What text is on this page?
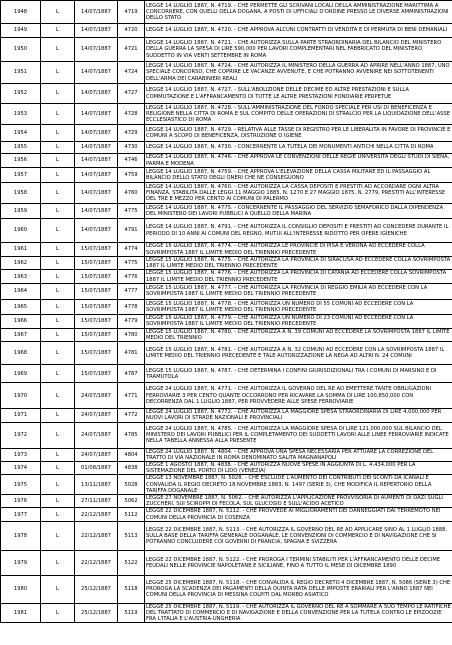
1948	L	14/07/1887	4719	LEGGE 14 LUGLIO 1887, N. 4719. - CHE PERMETTE GLI SCRIVANI LOCALI DELLA AMMINISTRAZIONE MARITTIMA A CONCORRERE, CON QUELLI DELLA DOGANA, A POSTI DI UFFICIALI D'ORDINE PRESSO LE DIVERSE AMMINISTRAZIONI DELLO STATO
1949	L	14/07/1887	4720	LEGGE 14 LUGLIO 1887, N. 4720. - CHE APPROVA ALCUNI CONTRATTI DI VENDITA E DI PERMUTA DI BENI DEMANIALI
1950	L	14/07/1887	4721	LEGGE 14 LUGLIO 1887, N. 4721. - CHE AUTORIZZA SULLA PARTE STRAORDINARIA DEL BILANCIO DEL MINISTERO DELLA GUERRA LA SPESA DI LIRE 590,000 PER LAVORI COMPLEMENTARI NEL FABBRICATO DEL MINISTERO SUDDETTO IN VIA VENTI SETTEMBRE IN ROMA
1951	L	14/07/1887	4724	LEGGE 14 LUGLIO 1887, N. 4724. - CHE AUTORIZZA IL MINISTERO DELLA GUERRA AD APRIRE NELL'ANNO 1887, UNO SPECIALE CONCORSO, CHE COPRIRE LE VACANZE AVVENUTE, E CHE POTRANNO AVVENIRE NEI SOTTOTENENTI DELL'ARMA DEI CARABINIERI REALI
1952	L	14/07/1887	4727	LEGGE 14 LUGLIO 1887, N. 4727. - SULL'ABOLIZIONE DELLE DECIME ED ALTRE PRESTAZIONI E SULLA COMMUTAZIONE E L'AFFRANCAMENTO DI TUTTE LE ALTRE PRESTAZIONI FONDIARIE PERPETUE
1953	L	14/07/1887	4728	LEGGE 14 LUGLIO 1887, N. 4728. - SULL'AMMINISTRAZIONE DEL FONDO SPECIALE PER USI DI BENEFICENZA E RELIGIONE NELLA CITTA DI ROMA E SUL COMPITO DELLE OPERAZIONI DI STRALCIO PER LA LIQUIDAZIONE DELL'ASSE ECCLESIASTICO DI ROMA
1954	L	14/07/1887	4729	LEGGE 14 LUGLIO 1887, N. 4729. - RELATIVA ALLE TASSE DI REGISTRO PER LE LIBERALITA IN FAVORE DI PROVINCIE E COMUNI A SCOPO DI BENEFICENZA, DISTRUZIONE O IGIENE
1955	L	14/07/1887	4730	LEGGE 14 LUGLIO 1887, N. 4730. - CONCERNENTE LA TUTELA DEI MONUMENTI ANTICHI NELLA CITTA DI ROMA
1956	L	14/07/1887	4746	LEGGE 14 LUGLIO 1887, N. 4746. - CHE APPROVA LE CONVENZIONI DELLE REGIE UNIVERSITA DEGLI STUDI DI SIENA, PARMA E MODENA
1957	L	14/07/1887	4759	LEGGE 14 LUGLIO 1887, N. 4759. - CHE APPROVA L'ELEVAZIONE DELLA CASSA MILITARE ED IL PASSAGGIO AL BILANCIO DELLO STATO DEGLI ONERI CHE NE CONSEGUONO
1958	L	14/07/1887	4760	LEGGE 14 LUGLIO 1887, N. 4760. - CHE AUTORIZZA LA CASSA DEPOSITI E PRESTITI AD ACCORDARE OGNI ALTRA FINANZA, STABILITA DALLE LEGGI 11 MAGGIO 1885, N. 1270 E 27 MAGGIO 1875, N. 2779, PRESTITI ALL'INTERESSE DEL TRE E MEZZO PER CENTO AI COMUNI DI PALERMO
1959	L	14/07/1887	4775	LEGGE 14 LUGLIO 1887, N. 4775. - CONCERNENTE IL PASSAGGIO DEL SERVIZIO SEMAFORICO DALLA DIPENDENZA DEL MINISTERO DEI LAVORI PUBBLICI A QUELLO DELLA MARINA
1960	L	14/07/1887	4791	LEGGE 14 LUGLIO 1887, N. 4791. - CHE AUTORIZZA IL CONSIGLIO DEPOSITI E PRESTITI AD CONCEDERE DURANTE IL PERIODO DI 10 ANNI AI COMUNI DEL REGNO, MUTUI ALL'INTERESSE RIDOTTO PER OPERE IGIENICHE
1961	L	15/07/1887	4774	LEGGE 15 LUGLIO 1887, N. 4774. - CHE AUTORIZZA LE PROVINCIE DI PISA E VERONA AD ECCEDERE COLLA SOVRIMPOSTA 1887 IL LIMITE MEDIO DEL TRIENNIO PRECEDENTE
1962	L	15/07/1887	4775	LEGGE 15 LUGLIO 1887, N. 4775. - CHE AUTORIZZA LA PROVINCIA DI SIRACUSA AD ECCEDERE COLLA SOVRIMPOSTA 1887 IL LIMITE MEDIO DEL TRIENNIO PRECEDENTE
1963	L	15/07/1887	4776	LEGGE 15 LUGLIO 1887, N. 4776. - CHE AUTORIZZA LA PROVINCIA DI CATANIA AD ECCEDERE COLLA SOVRIMPOSTA 1887 IL LIMITE MEDIO DEL TRIENNIO PRECEDENTE
1964	L	15/07/1887	4777	LEGGE 15 LUGLIO 1887, N. 4777. - CHE AUTORIZZA LA PROVINCIA DI REGGIO EMILIA AD ECCEDERE CON LA SOVRIMPOSTA 1887 IL LIMITE MEDIO DEL TRIENNIO PRECEDENTE
1965	L	15/07/1887	4778	LEGGE 15 LUGLIO 1887, N. 4778. - CHE AUTORIZZA UN NUMERO DI 55 COMUNI AD ECCEDERE CON LA SOVRIMPOSTA 1887 IL LIMITE MEDIO DEL TRIENNIO PRECEDENTE
1966	L	15/07/1887	4779	LEGGE 15 LUGLIO 1887, N. 4779. - CHE AUTORIZZA UN NUMERO DI 23 COMUNI AD ECCEDERE CON LA SOVRIMPOSTA 1887 IL LIMITE MEDIO DEL TRIENNIO PRECEDENTE
1967	L	15/07/1887	4780	LEGGE 15 LUGLIO 1887, N. 4780. - CHE AUTORIZZA A N. 39 COMUNI AD ECCEDERE LA SOVRIMPOSTA 1887 IL LIMITE MEDIO DEL TRIENNIO
1968	L	15/07/1887	4781	LEGGE 15 LUGLIO 1887, N. 4781. - CHE AUTORIZZA A N. 32 COMUNI AD ECCEDERE CON LA SOVRIMPOSTA 1887 IL LIMITE MEDIO DEL TRIENNIO PRECEDENTE E TALE AUTORIZZAZIONE LA NEGA AD ALTRI N. 24 COMUNI
1969	L	15/07/1887	4787	LEGGE 15 LUGLIO 1887, N. 4787. - CHE DETERMINA I CONFINI GIURISDIZIONALI TRA I COMUNI DI MARSINO E DI TRAMUTOLA
1970	L	24/07/1887	4771	LEGGE 24 LUGLIO 1887, N. 4771. - CHE AUTORIZZA IL GOVERNO DEL RE AD EMETTERE TANTE OBBLIGAZIONI FERROVIARIE 3 PER CENTO QUANTE OCCORRONO PER RICAVARE LA SOMMA DI LIRE 100,850,000 CON DECORRENZA DAL 1 LUGLIO 1887, PER PROVVEDERE ALLE SPESE FERROVIARIE
1971	L	24/07/1887	4772	LEGGE 24 LUGLIO 1887, N. 4772. - CHE AUTORIZZA LA MAGGIORE SPESA STRAORDINARIA DI LIRE 4,000,000 PER NUOVI LAVORI DI STRADE NAZIONALI E PROVINCIALI
1972	L	24/07/1887	4785	LEGGE 24 LUGLIO 1887, N. 4785. - CHE AUTORIZZA LA MAGGIORE SPESA DI LIRE 121,000,000 SUL BILANCIO DEL MINISTERO DEI LAVORI PUBBLICI PER IL COMPLETAMENTO DEI SUDDETTI LAVORI ALLE LINEE FERROVIARIE INDICATE NELLA TABELLA ANNESSA ALLA PRESENTE
1973	L	24/07/1887	4804	LEGGE 24 LUGLIO 1887, N. 4804. - CHE APPROVA UNA SPESA NECESSARIA PER ATTUARE LA CORREZIONE DEL TRATTO DI VIA NAZIONALE IN ROMA DENOMINATO SALITA MAGNANAPOLI
1974	L	01/08/1887	4838	LEGGE 1 AGOSTO 1887, N. 4838. - CHE AUTORIZZA NUOVE SPESE IN AGGIUNTA DI L. 4,434,000 PER LA SISTEMAZIONE DEL PORTO DI LIDO (VENEZIA)
1975	L	13/11/1887	5028	LEGGE 13 NOVEMBRE 1887, N. 5028. - CHE ESCLUDE L'AUMENTO DEI CONTRIBUTI DEI SCONTI DA ICANALI E CONVALIDA IL REGIO DECRETO 18 NOVEMBRE 1883, N. 1497 (SERIE 3), CHE MODIFICA IL REPERTORIO DELLA TARIFFA DOGANALE
1976	L	27/11/1887	5062	LEGGE 27 NOVEMBRE 1887, N. 5062. - CHE AUTORIZZA L'APPLICAZIONE PROVVISORIA DI AUMENTI DI DAZI SUGLI ZUCCHERI, SUI SCIROPPI DI FECOLA, SUL GLUCOSIO E SULL'ACIDO ACETICO
1977	L	22/12/1887	5112	LEGGE 22 DICEMBRE 1887, N. 5112. - CHE PROVVEDE AI MIGLIORAMENTI DEI DANNEGGIATI DAI TERREMOTO NEI COMUNI DELLA PROVINCIA DI COSENZA
1978	L	22/12/1887	5113	LEGGE 22 DICEMBRE 1887, N. 5113. - CHE AUTORIZZA IL GOVERNO DEL RE AD APPLICARE SINO AL 1 LUGLIO 1888, SULLA BASE DELLA TARIFFA GENERALE DOGANALE, LE CONVENZIONI DI COMMERCIO E DI NAVIGAZIONE CHE SI POTRANNO CONCLUDERE COI GOVERNI DI FRANCIA, SPAGNA E SVIZZERA
1979	L	22/12/1887	5122	LEGGE 22 DICEMBRE 1887, N. 5122. - CHE PROROGA I TERMINI STABILITI PER L'AFFRANCAMENTO DELLE DECIME FEUDALI NELLE PROVINCIE NAPOLETANE E SICILIANE, FINO A TUTTO IL MESE DI DICEMBRE 1890
1980	L	25/12/1887	5118	LEGGE 25 DICEMBRE 1887, N. 5118. - CHE CONVALIDA IL REGIO DECRETO 4 DICEMBRE 1887, N. 5086 (SERIE 3) CHE PROROGA LA SCADENZA DEI PAGAMENTI DELLA QUINTA RATA DELLE IMPOSTE ERARIALI PER L'ANNO 1887 NEI COMUNI DELLA PROVINCIA DI MESSINA COLPITI DAL MORBO ASIATICO
1981	L	25/12/1887	5119	LEGGE 25 DICEMBRE 1887, N. 5119. - CHE AUTORIZZA IL GOVERNO DEL RE A SOMMARE A SUO TEMPO LE RATIFICHE DEL TRATTATO DI COMMERCIO E DI NAVIGAZIONE E DELLA CONVENZIONE PER LA TUTELA CONTRO LE EPIZOOZIE FRA L'ITALIA E L'AUSTRIA-UNGHERIA
